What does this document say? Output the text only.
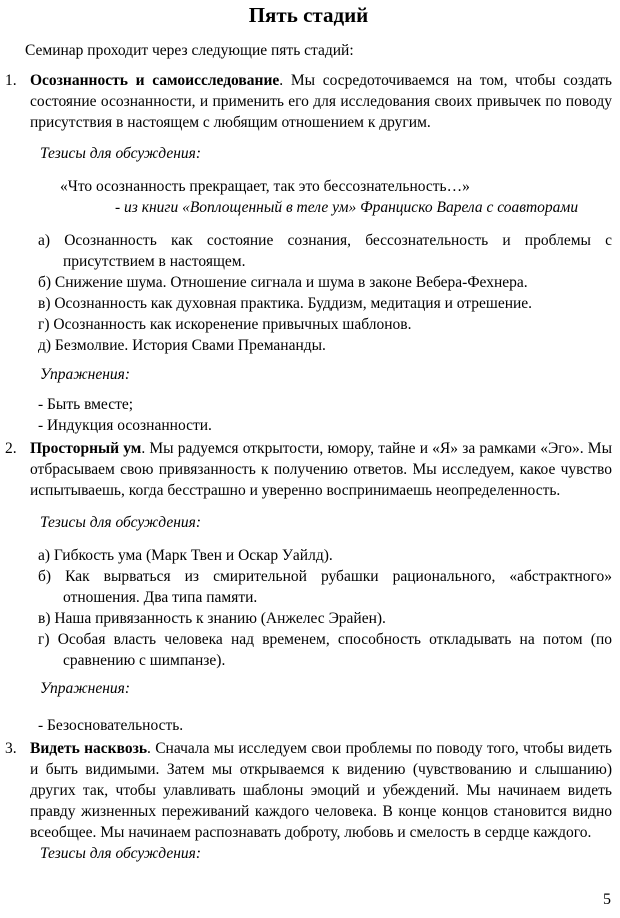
Пять стадий

Семинар проходит через следующие пять стадий:

1. Осознанность и самоисследование. Мы сосредоточиваемся на том, чтобы создать состояние осознанности, и применить его для исследования своих привычек по поводу присутствия в настоящем с любящим отношением к другим.

Тезисы для обсуждения:

«Что осознанность прекращает, так это бессознательность…»

- из книги «Воплощенный в теле ум» Франциско Варела с соавторами

а) Осознанность как состояние сознания, бессознательность и проблемы с присутствием в настоящем.

б) Снижение шума. Отношение сигнала и шума в законе Вебера-Фехнера.

в) Осознанность как духовная практика. Буддизм, медитация и отрешение.

г) Осознанность как искоренение привычных шаблонов.

д) Безмолвие. История Свами Премананды.

Упражнения:

- Быть вместе;

- Индукция осознанности.

2. Просторный ум. Мы радуемся открытости, юмору, тайне и «Я» за рамками «Эго». Мы отбрасываем свою привязанность к получению ответов. Мы исследуем, какое чувство испытываешь, когда бесстрашно и уверенно воспринимаешь неопределенность.

Тезисы для обсуждения:

а) Гибкость ума (Марк Твен и Оскар Уайлд).

б) Как вырваться из смирительной рубашки рационального, «абстрактного» отношения. Два типа памяти.

в) Наша привязанность к знанию (Анжелес Эрайен).

г) Особая власть человека над временем, способность откладывать на потом (по сравнению с шимпанзе).

Упражнения:

- Безосновательность.

3. Видеть насквозь. Сначала мы исследуем свои проблемы по поводу того, чтобы видеть и быть видимыми. Затем мы открываемся к видению (чувствованию и слышанию) других так, чтобы улавливать шаблоны эмоций и убеждений. Мы начинаем видеть правду жизненных переживаний каждого человека. В конце концов становится видно всеобщее. Мы начинаем распознавать доброту, любовь и смелость в сердце каждого.

Тезисы для обсуждения:

5
